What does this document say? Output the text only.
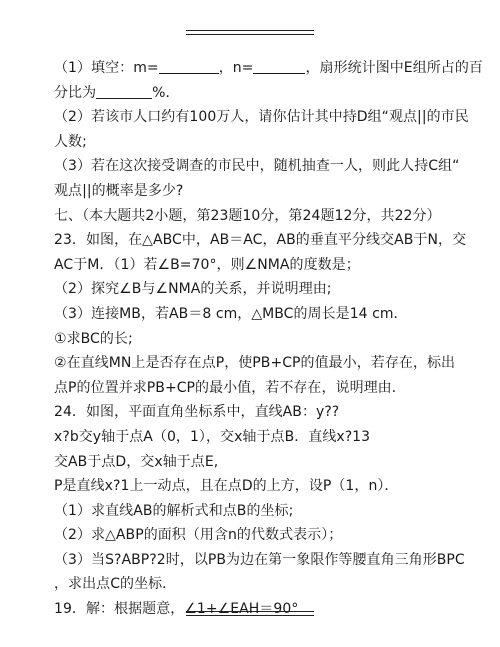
（1）填空：m=	，n=	，扇形统计图中E组所占的百
分比为	%．
（2）若该市人口约有100万人，请你估计其中持D组“观点||的市民
人数;
（3）若在这次接受调查的市民中，随机抽查一人，则此人持C组“
观点||的概率是多少?
七、（本大题共2小题，第23题10分，第24题12分，共22分）
23．如图，在△ABC中，AB＝AC，AB的垂直平分线交AB于N，交
AC于M．（1）若∠B=70°，则∠NMA的度数是；
（2）探究∠B与∠NMA的关系，并说明理由;
（3）连接MB，若AB＝8 cm，△MBC的周长是14 cm．
①求BC的长;
②在直线MN上是否存在点P，使PB+CP的值最小，若存在，标出
点P的位置并求PB+CP的最小值，若不存在，说明理由．
24．如图，平面直角坐标系中，直线AB：y??
x?b交y轴于点A（0，1），交x轴于点B．直线x?13
交AB于点D，交x轴于点E,
P是直线x?1上一动点，且在点D的上方，设P（1，n）．
（1）求直线AB的解析式和点B的坐标;
（2）求△ABP的面积（用含n的代数式表示）；
（3）当S?ABP?2时，以PB为边在第一象限作等腰直角三角形BPC
，求出点C的坐标．
19．解：根据题意，∠1+∠EAH＝90°
